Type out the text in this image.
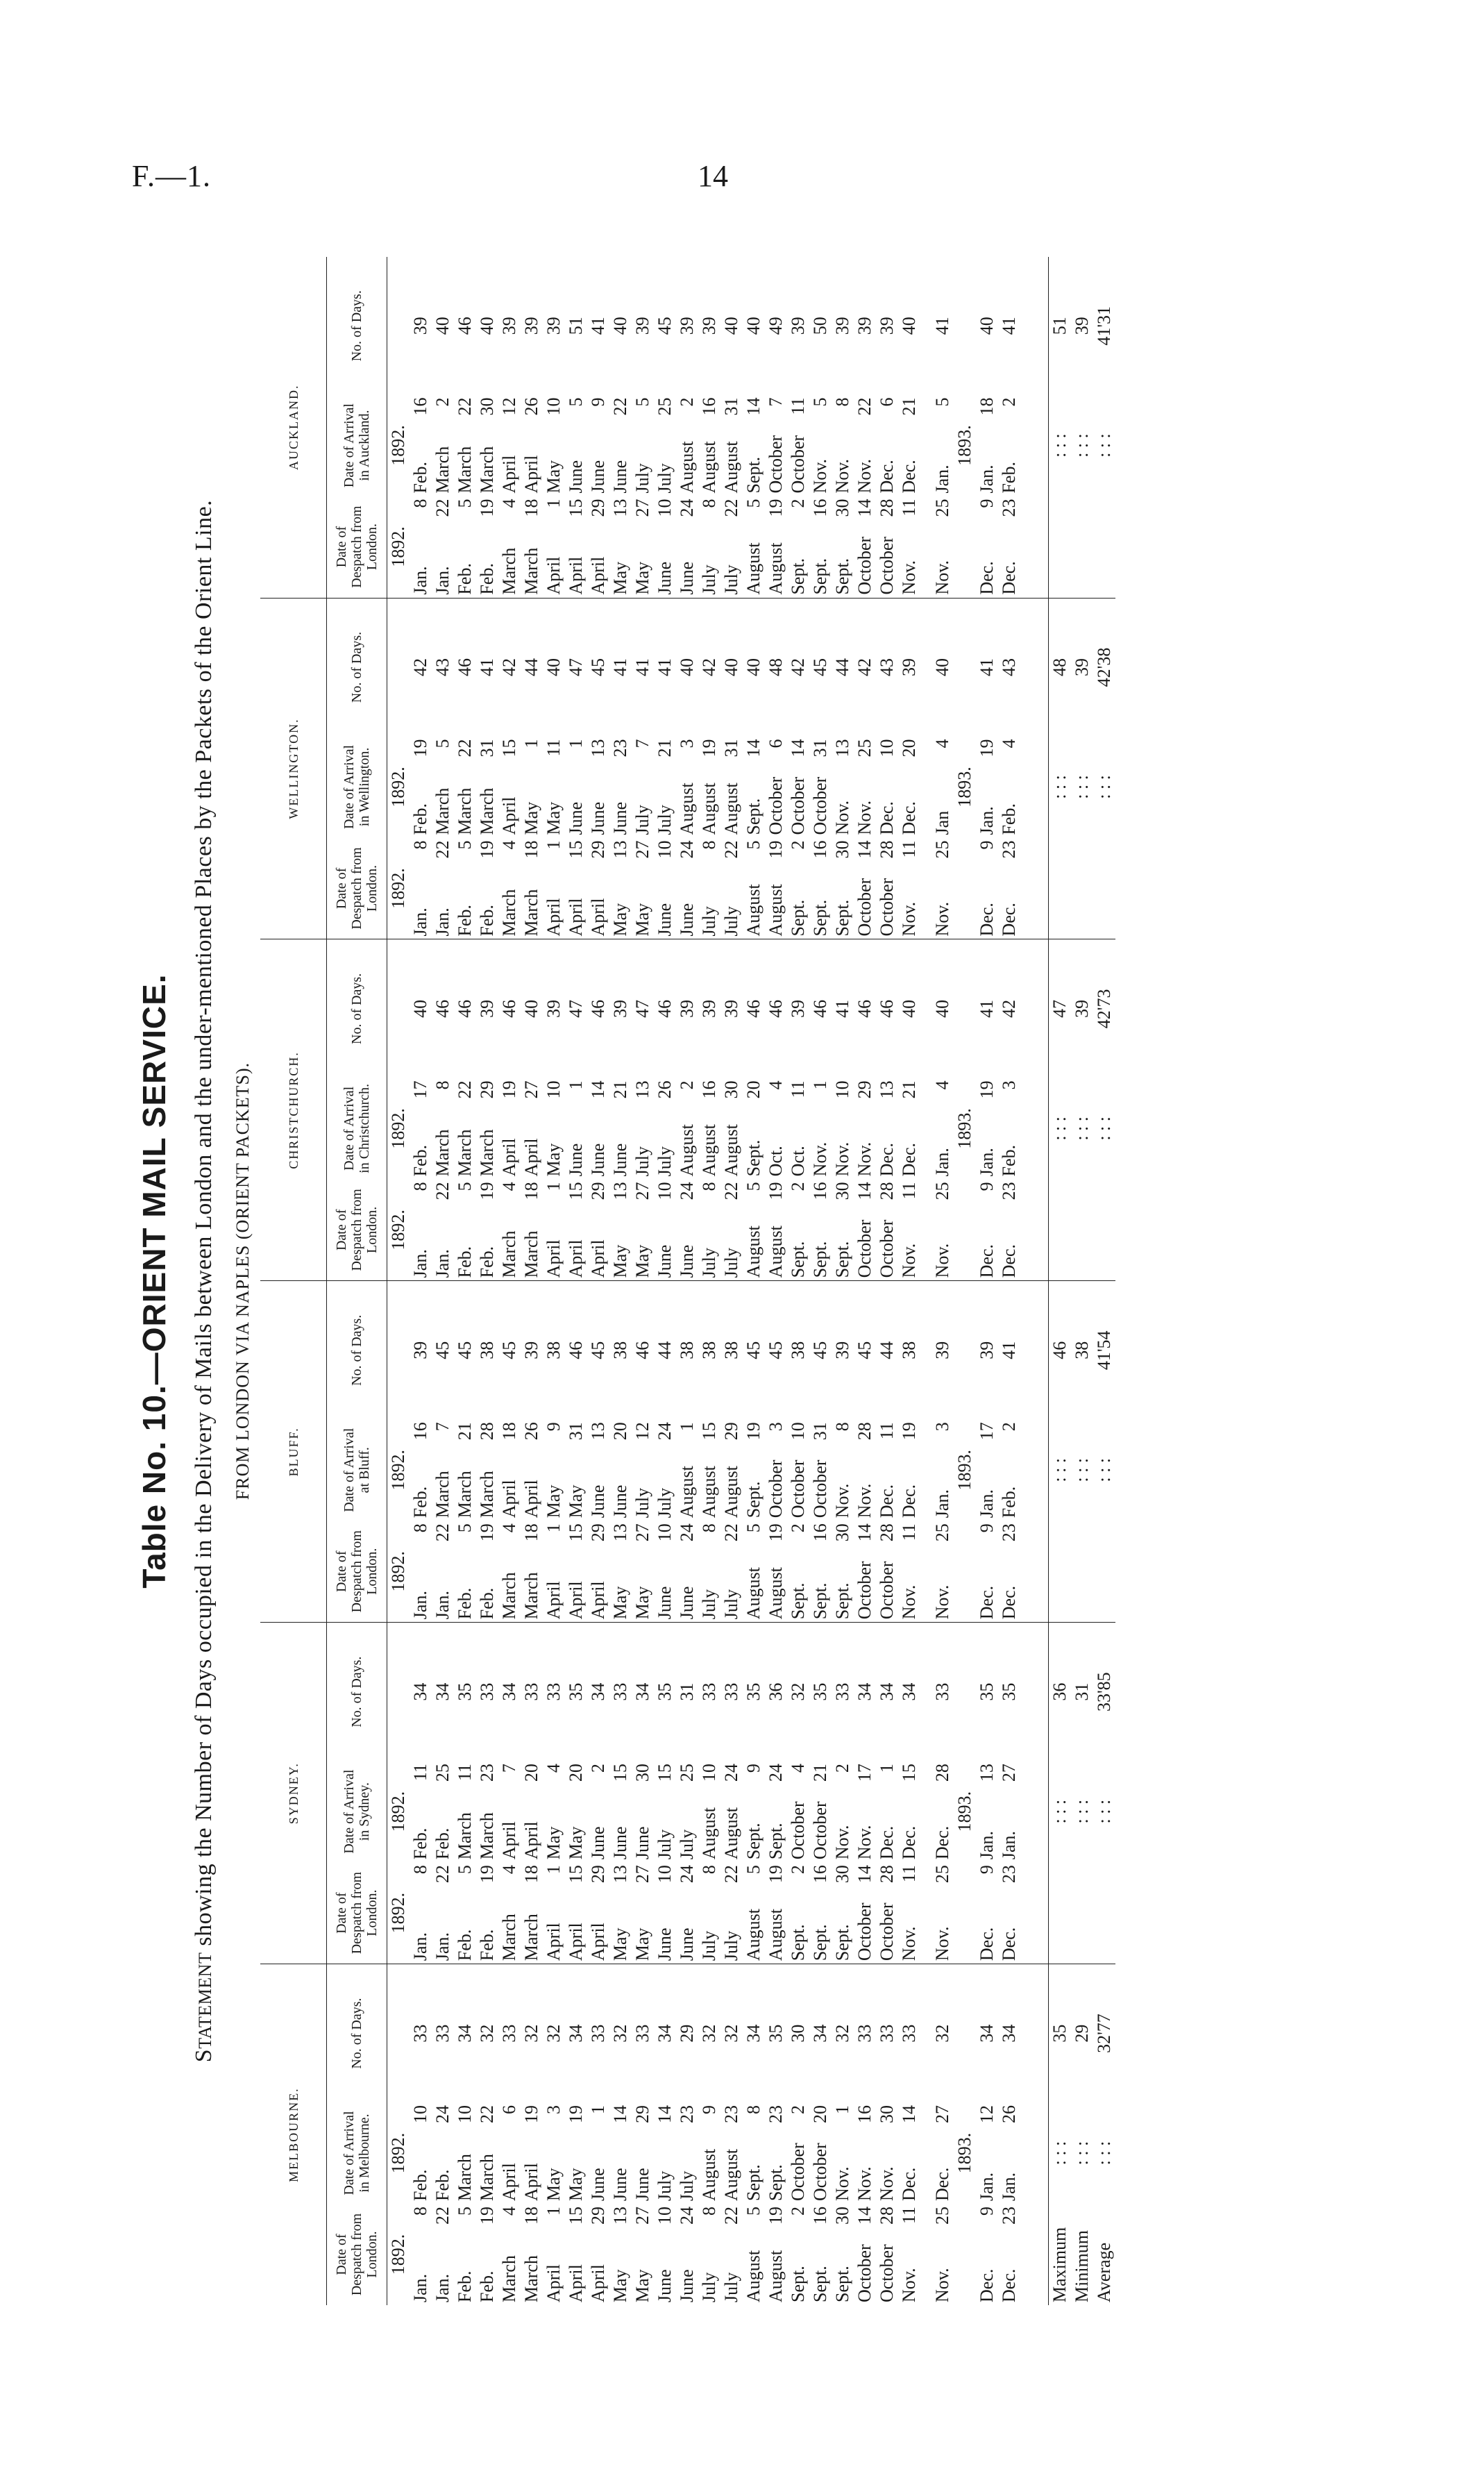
F.—1.	14
Table No. 10.—ORIENT MAIL SERVICE.
STATEMENT showing the Number of Days occupied in the Delivery of Mails between London and the under-mentioned Places by the Packets of the Orient Line. FROM LONDON VIA NAPLES (ORIENT PACKETS).
MELBOURNE.					SYDNEY.					BLUFF.					CHRISTCHURCH.					WELLINGTON.					AUCKLAND.				
Date of Despatch from London.		Date of Arrival in Melbourne.		No. of Days.	Date of Despatch from London.		Date of Arrival in Sydney.		No. of Days.	Date of Despatch from London.		Date of Arrival at Bluff.		No. of Days.	Date of Despatch from London.		Date of Arrival in Christchurch.		No. of Days.	Date of Despatch from London.		Date of Arrival in Wellington.		No. of Days.	Date of Despatch from London.		Date of Arrival in Auckland.		No. of Days.
1892.		1892.			1892.		1892.			1892.		1892.			1892.		1892.			1892.		1892.			1892.		1892.		
Jan.	8	Feb.	10	33	Jan.	8	Feb.	11	34	Jan.	8	Feb.	16	39	Jan.	8	Feb.	17	40	Jan.	8	Feb.	19	42	Jan.	8	Feb.	16	39
Jan.	22	Feb.	24	33	Jan.	22	Feb.	25	34	Jan.	22	March	7	45	Jan.	22	March	8	46	Jan.	22	March	5	43	Jan.	22	March	2	40
Feb.	5	March	10	34	Feb.	5	March	11	35	Feb.	5	March	21	45	Feb.	5	March	22	46	Feb.	5	March	22	46	Feb.	5	March	22	46
Feb.	19	March	22	32	Feb.	19	March	23	33	Feb.	19	March	28	38	Feb.	19	March	29	39	Feb.	19	March	31	41	Feb.	19	March	30	40
March	4	April	6	33	March	4	April	7	34	March	4	April	18	45	March	4	April	19	46	March	4	April	15	42	March	4	April	12	39
March	18	April	19	32	March	18	April	20	33	March	18	April	26	39	March	18	April	27	40	March	18	May	1	44	March	18	April	26	39
April	1	May	3	32	April	1	May	4	33	April	1	May	9	38	April	1	May	10	39	April	1	May	11	40	April	1	May	10	39
April	15	May	19	34	April	15	May	20	35	April	15	May	31	46	April	15	June	1	47	April	15	June	1	47	April	15	June	5	51
April	29	June	1	33	April	29	June	2	34	April	29	June	13	45	April	29	June	14	46	April	29	June	13	45	April	29	June	9	41
May	13	June	14	32	May	13	June	15	33	May	13	June	20	38	May	13	June	21	39	May	13	June	23	41	May	13	June	22	40
May	27	June	29	33	May	27	June	30	34	May	27	July	12	46	May	27	July	13	47	May	27	July	7	41	May	27	July	5	39
June	10	July	14	34	June	10	July	15	35	June	10	July	24	44	June	10	July	26	46	June	10	July	21	41	June	10	July	25	45
June	24	July	23	29	June	24	July	25	31	June	24	August	1	38	June	24	August	2	39	June	24	August	3	40	June	24	August	2	39
July	8	August	9	32	July	8	August	10	33	July	8	August	15	38	July	8	August	16	39	July	8	August	19	42	July	8	August	16	39
July	22	August	23	32	July	22	August	24	33	July	22	August	29	38	July	22	August	30	39	July	22	August	31	40	July	22	August	31	40
August	5	Sept.	8	34	August	5	Sept.	9	35	August	5	Sept.	19	45	August	5	Sept.	20	46	August	5	Sept.	14	40	August	5	Sept.	14	40
August	19	Sept.	23	35	August	19	Sept.	24	36	August	19	October	3	45	August	19	Oct.	4	46	August	19	October	6	48	August	19	October	7	49
Sept.	2	October	2	30	Sept.	2	October	4	32	Sept.	2	October	10	38	Sept.	2	Oct.	11	39	Sept.	2	October	14	42	Sept.	2	October	11	39
Sept.	16	October	20	34	Sept.	16	October	21	35	Sept.	16	October	31	45	Sept.	16	Nov.	1	46	Sept.	16	October	31	45	Sept.	16	Nov.	5	50
Sept.	30	Nov.	1	32	Sept.	30	Nov.	2	33	Sept.	30	Nov.	8	39	Sept.	30	Nov.	10	41	Sept.	30	Nov.	13	44	Sept.	30	Nov.	8	39
October	14	Nov.	16	33	October	14	Nov.	17	34	October	14	Nov.	28	45	October	14	Nov.	29	46	October	14	Nov.	25	42	October	14	Nov.	22	39
October	28	Nov.	30	33	October	28	Dec.	1	34	October	28	Dec.	11	44	October	28	Dec.	13	46	October	28	Dec.	10	43	October	28	Dec.	6	39
Nov.	11	Dec.	14	33	Nov.	11	Dec.	15	34	Nov.	11	Dec.	19	38	Nov.	11	Dec.	21	40	Nov.	11	Dec.	20	39	Nov.	11	Dec.	21	40

Nov.	25	Dec.	27	32	Nov.	25	Dec.	28	33	Nov.	25	Jan.	3	39	Nov.	25	Jan.	4	40	Nov.	25	Jan	4	40	Nov.	25	Jan.	5	41
		1893.					1893.					1893.					1893.					1893.					1893.		
Dec.	9	Jan.	12	34	Dec.	9	Jan.	13	35	Dec.	9	Jan.	17	39	Dec.	9	Jan.	19	41	Dec.	9	Jan.	19	41	Dec.	9	Jan.	18	40
Dec.	23	Jan.	26	34	Dec.	23	Jan.	27	35	Dec.	23	Feb.	2	41	Dec.	23	Feb.	3	42	Dec.	23	Feb.	4	43	Dec.	23	Feb.	2	41

Maximum		: : :		35			: : :		36			: : :		46			: : :		47			: : :		48			: : :		51
Minimum		: : :		29			: : :		31			: : :		38			: : :		39			: : :		39			: : :		39
Average		: : :		32'77			: : :		33'85			: : :		41'54			: : :		42'73			: : :		42'38			: : :		41'31
